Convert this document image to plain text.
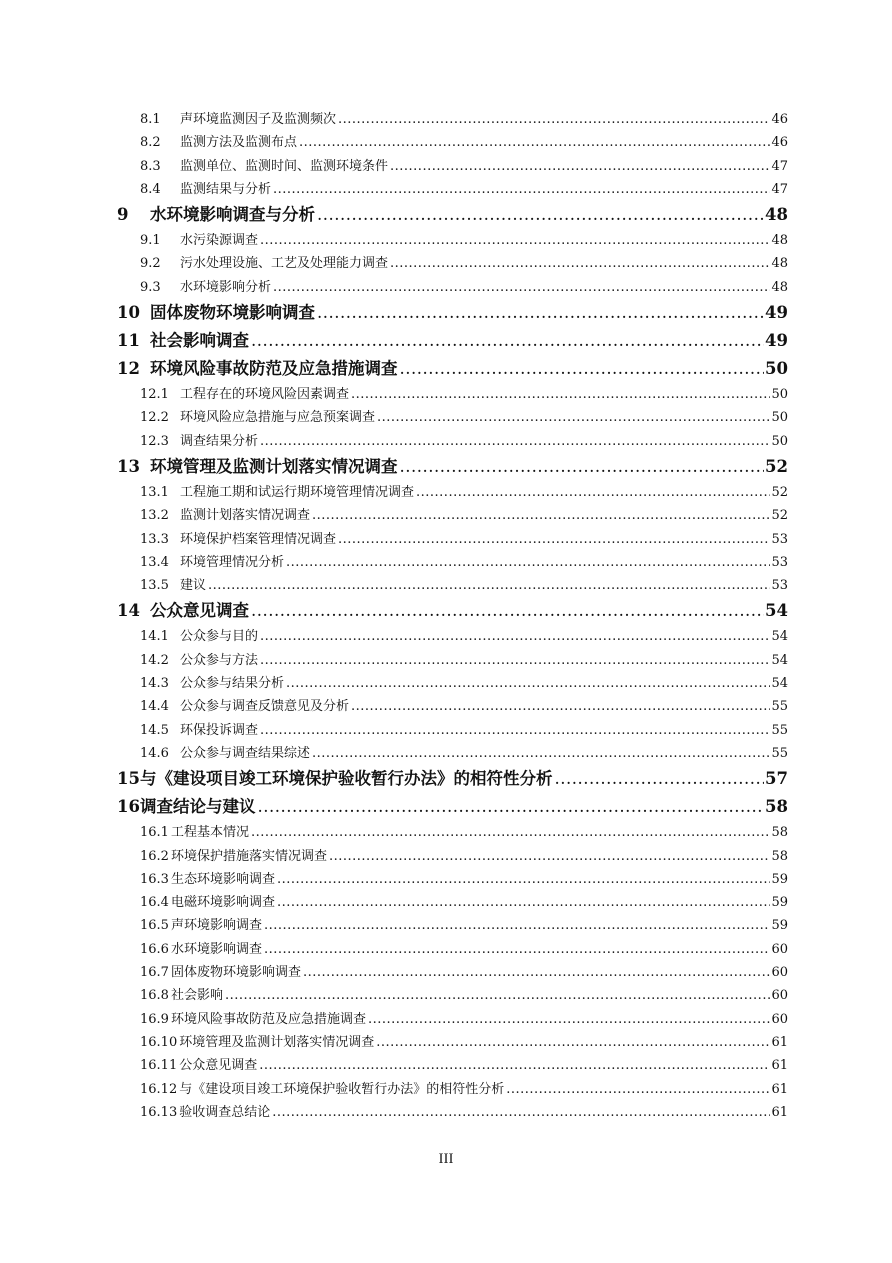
8.1	声环境监测因子及监测频次 .....	46
8.2	监测方法及监测布点 .....	46
8.3	监测单位、监测时间、监测环境条件 .....	47
8.4	监测结果与分析 .....	47
9	水环境影响调查与分析 .....	48
9.1	水污染源调查 .....	48
9.2	污水处理设施、工艺及处理能力调查 .....	48
9.3	水环境影响分析 .....	48
10 固体废物环境影响调查 .....	49
11 社会影响调查 .....	49
12 环境风险事故防范及应急措施调查 .....	50
12.1 工程存在的环境风险因素调查 .....	50
12.2 环境风险应急措施与应急预案调查 .....	50
12.3 调查结果分析 .....	50
13 环境管理及监测计划落实情况调查 .....	52
13.1 工程施工期和试运行期环境管理情况调查 .....	52
13.2 监测计划落实情况调查 .....	52
13.3 环境保护档案管理情况调查 .....	53
13.4 环境管理情况分析 .....	53
13.5 建议 .....	53
14 公众意见调查 .....	54
14.1 公众参与目的 .....	54
14.2 公众参与方法 .....	54
14.3 公众参与结果分析 .....	54
14.4 公众参与调查反馈意见及分析 .....	55
14.5 环保投诉调查 .....	55
14.6 公众参与调查结果综述 .....	55
15 与《建设项目竣工环境保护验收暂行办法》的相符性分析 .....	57
16 调查结论与建议 .....	58
16.1 工程基本情况 .....	58
16.2 环境保护措施落实情况调查 .....	58
16.3 生态环境影响调查 .....	59
16.4 电磁环境影响调查 .....	59
16.5 声环境影响调查 .....	59
16.6 水环境影响调查 .....	60
16.7 固体废物环境影响调查 .....	60
16.8 社会影响 .....	60
16.9 环境风险事故防范及应急措施调查 .....	60
16.10 环境管理及监测计划落实情况调查 .....	61
16.11 公众意见调查 .....	61
16.12 与《建设项目竣工环境保护验收暂行办法》的相符性分析 .....	61
16.13 验收调查总结论 .....	61
III
